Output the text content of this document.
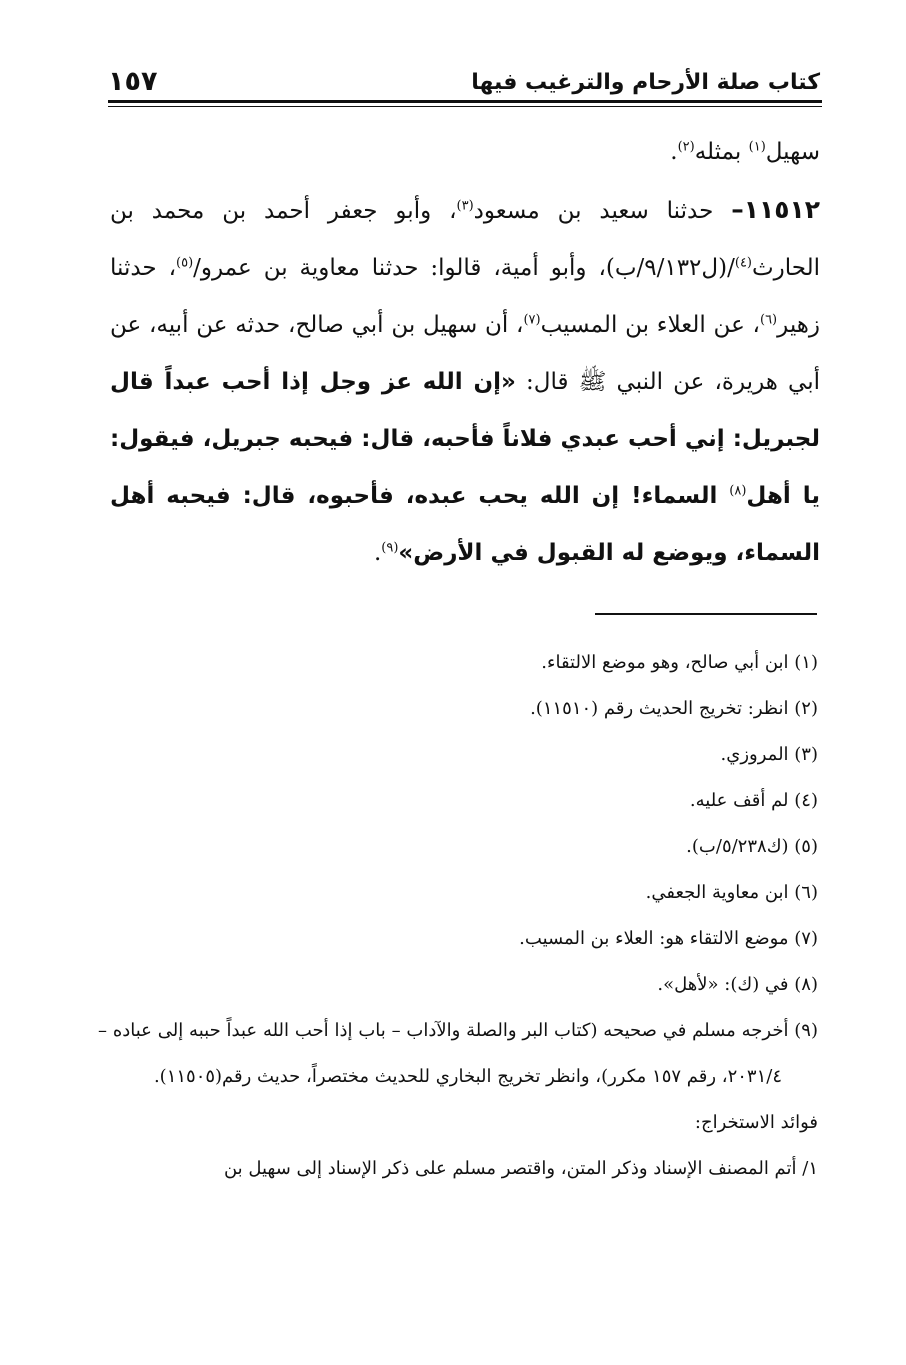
كتاب صلة الأرحام والترغيب فيها
١٥٧

سهيل$^{(١)}$ بمثله$^{(٢)}$.

١١٥١٢– حدثنا سعيد بن مسعود$^{(٣)}$، وأبو جعفر أحمد بن محمد بن الحارث$^{(٤)}$/(ل٩/١٣٢/ب)، وأبو أمية، قالوا: حدثنا معاوية بن عمرو/$^{(٥)}$، حدثنا زهير$^{(٦)}$، عن العلاء بن المسيب$^{(٧)}$، أن سهيل بن أبي صالح، حدثه عن أبيه، عن أبي هريرة، عن النبي ﷺ قال: «إن الله عز وجل إذا أحب عبداً قال لجبريل: إني أحب عبدي فلاناً فأحبه، قال: فيحبه جبريل، فيقول: يا أهل$^{(٨)}$ السماء! إن الله يحب عبده، فأحبوه، قال: فيحبه أهل السماء، ويوضع له القبول في الأرض»$^{(٩)}$.

(١) ابن أبي صالح، وهو موضع الالتقاء.

(٢) انظر: تخريج الحديث رقم (١١٥١٠).

(٣) المروزي.

(٤) لم أقف عليه.

(٥) (ك٥/٢٣٨/ب).

(٦) ابن معاوية الجعفي.

(٧) موضع الالتقاء هو: العلاء بن المسيب.

(٨) في (ك): «لأهل».

(٩) أخرجه مسلم في صحيحه (كتاب البر والصلة والآداب – باب إذا أحب الله عبداً حببه إلى عباده – ٢٠٣١/٤، رقم ١٥٧ مكرر)، وانظر تخريج البخاري للحديث مختصراً، حديث رقم(١١٥٠٥).

فوائد الاستخراج:

١/ أتم المصنف الإسناد وذكر المتن، واقتصر مسلم على ذكر الإسناد إلى سهيل بن
